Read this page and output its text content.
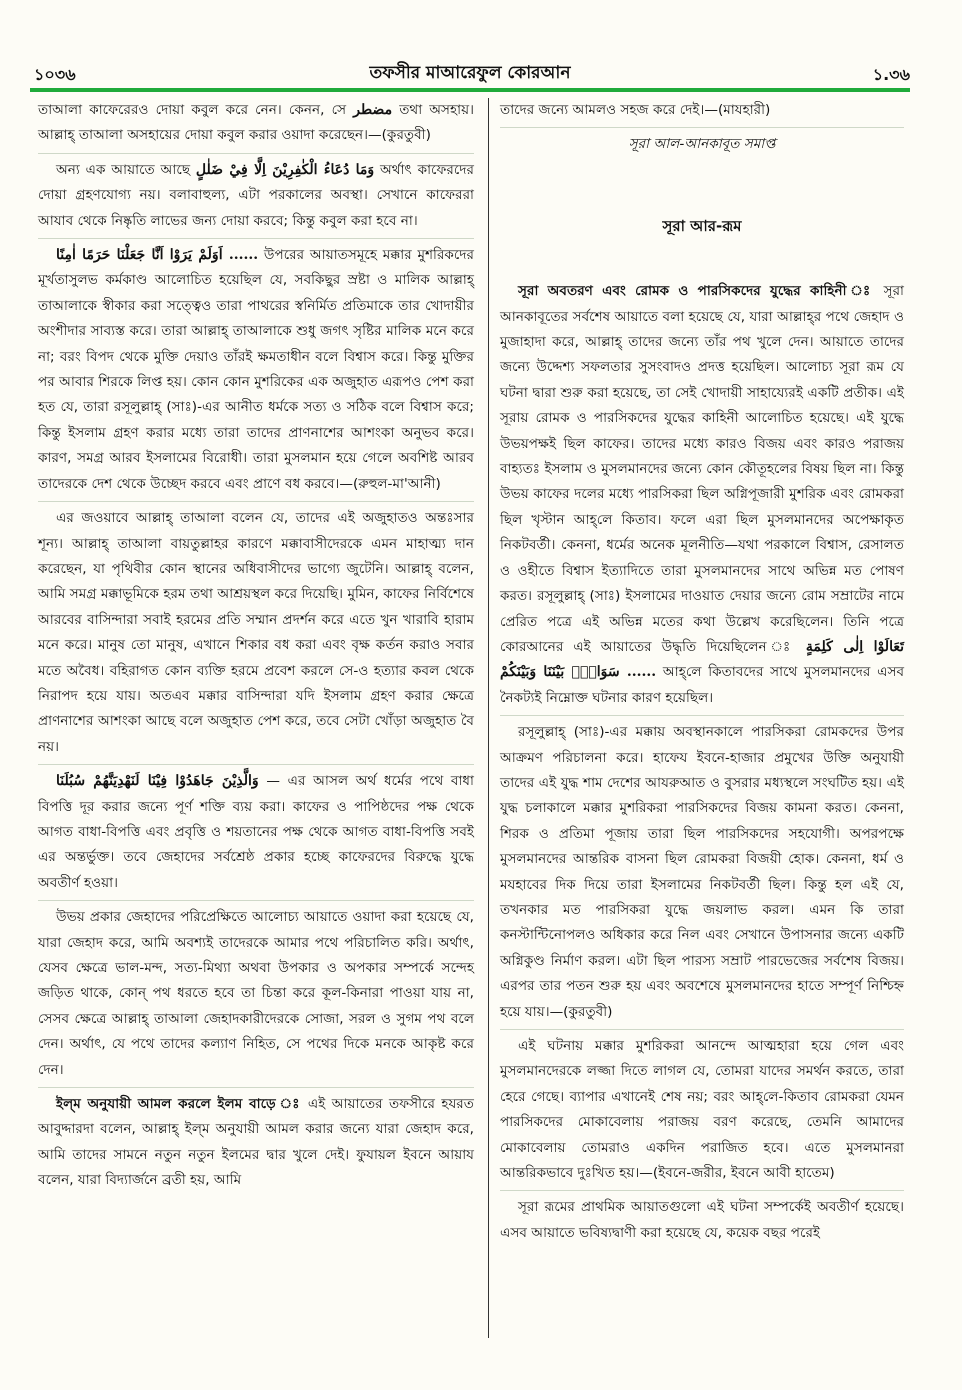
১০৩৬	তফসীর মাআরেফুল কোরআন	১.৩৬

তাআলা কাফেরেরও দোয়া কবুল করে নেন। কেনন, সে مضطر তথা অসহায়। আল্লাহ্ তাআলা অসহায়ের দোয়া কবুল করার ওয়াদা করেছেন।—(কুরতুবী)

অন্য এক আয়াতে আছে وَمَا دُعَاءُ الْكٰفِرِيْنَ اِلَّا فِيْ ضَلٰلٍ অর্থাৎ কাফেরদের দোয়া গ্রহণযোগ্য নয়। বলাবাহুল্য, এটা পরকালের অবস্থা। সেখানে কাফেররা আযাব থেকে নিষ্কৃতি লাভের জন্য দোয়া করবে; কিন্তু কবুল করা হবে না।

اَوَلَمْ يَرَوْا اَنَّا جَعَلْنَا حَرَمًا اٰمِنًا ...... উপরের আয়াতসমূহে মক্কার মুশরিকদের মূর্খতাসুলভ কর্মকাণ্ড আলোচিত হয়েছিল যে, সবকিছুর স্রষ্টা ও মালিক আল্লাহ্ তাআলাকে স্বীকার করা সত্ত্বেও তারা পাথরের স্বনির্মিত প্রতিমাকে তার খোদায়ীর অংশীদার সাব্যস্ত করে। তারা আল্লাহ্ তাআলাকে শুধু জগৎ সৃষ্টির মালিক মনে করে না; বরং বিপদ থেকে মুক্তি দেয়াও তাঁরই ক্ষমতাধীন বলে বিশ্বাস করে। কিন্তু মুক্তির পর আবার শিরকে লিপ্ত হয়। কোন কোন মুশরিকের এক অজুহাত এরূপও পেশ করা হত যে, তারা রসূলুল্লাহ্ (সাঃ)-এর আনীত ধর্মকে সত্য ও সঠিক বলে বিশ্বাস করে; কিন্তু ইসলাম গ্রহণ করার মধ্যে তারা তাদের প্রাণনাশের আশংকা অনুভব করে। কারণ, সমগ্র আরব ইসলামের বিরোধী। তারা মুসলমান হয়ে গেলে অবশিষ্ট আরব তাদেরকে দেশ থেকে উচ্ছেদ করবে এবং প্রাণে বধ করবে।—(রুহুল-মা'আনী)

এর জওয়াবে আল্লাহ্ তাআলা বলেন যে, তাদের এই অজুহাতও অন্তঃসার শূন্য। আল্লাহ্ তাআলা বায়তুল্লাহর কারণে মক্কাবাসীদেরকে এমন মাহাত্ম্য দান করেছেন, যা পৃথিবীর কোন স্থানের অধিবাসীদের ভাগ্যে জুটেনি। আল্লাহ্ বলেন, আমি সমগ্র মক্কাভূমিকে হরম তথা আশ্রয়স্থল করে দিয়েছি। মুমিন, কাফের নির্বিশেষে আরবের বাসিন্দারা সবাই হরমের প্রতি সম্মান প্রদর্শন করে এতে খুন খারাবি হারাম মনে করে। মানুষ তো মানুষ, এখানে শিকার বধ করা এবং বৃক্ষ কর্তন করাও সবার মতে অবৈধ। বহিরাগত কোন ব্যক্তি হরমে প্রবেশ করলে সে-ও হত্যার কবল থেকে নিরাপদ হয়ে যায়। অতএব মক্কার বাসিন্দারা যদি ইসলাম গ্রহণ করার ক্ষেত্রে প্রাণনাশের আশংকা আছে বলে অজুহাত পেশ করে, তবে সেটা খোঁড়া অজুহাত বৈ নয়।

وَالَّذِيْنَ جَاهَدُوْا فِيْنَا لَنَهْدِيَنَّهُمْ سُبُلَنَا — এর আসল অর্থ ধর্মের পথে বাধা বিপত্তি দূর করার জন্যে পূর্ণ শক্তি ব্যয় করা। কাফের ও পাপিষ্ঠদের পক্ষ থেকে আগত বাধা-বিপত্তি এবং প্রবৃত্তি ও শয়তানের পক্ষ থেকে আগত বাধা-বিপত্তি সবই এর অন্তর্ভুক্ত। তবে জেহাদের সর্বশ্রেষ্ঠ প্রকার হচ্ছে কাফেরদের বিরুদ্ধে যুদ্ধে অবতীর্ণ হওয়া।

উভয় প্রকার জেহাদের পরিপ্রেক্ষিতে আলোচ্য আয়াতে ওয়াদা করা হয়েছে যে, যারা জেহাদ করে, আমি অবশ্যই তাদেরকে আমার পথে পরিচালিত করি। অর্থাৎ, যেসব ক্ষেত্রে ভাল-মন্দ, সত্য-মিথ্যা অথবা উপকার ও অপকার সম্পর্কে সন্দেহ জড়িত থাকে, কোন্ পথ ধরতে হবে তা চিন্তা করে কূল-কিনারা পাওয়া যায় না, সেসব ক্ষেত্রে আল্লাহ্ তাআলা জেহাদকারীদেরকে সোজা, সরল ও সুগম পথ বলে দেন। অর্থাৎ, যে পথে তাদের কল্যাণ নিহিত, সে পথের দিকে মনকে আকৃষ্ট করে দেন।

ইল্‌ম অনুযায়ী আমল করলে ইলম বাড়ে ঃ এই আয়াতের তফসীরে হযরত আবুদ্দারদা বলেন, আল্লাহ্ ইল্‌ম অনুযায়ী আমল করার জন্যে যারা জেহাদ করে, আমি তাদের সামনে নতুন নতুন ইলমের দ্বার খুলে দেই। ফুযায়ল ইবনে আয়ায বলেন, যারা বিদ্যার্জনে ব্রতী হয়, আমি

তাদের জন্যে আমলও সহজ করে দেই।—(মাযহারী)

সূরা আল-আনকাবূত সমাপ্ত

সূরা আর-রূম

সূরা অবতরণ এবং রোমক ও পারসিকদের যুদ্ধের কাহিনী ঃ সূরা আনকাবূতের সর্বশেষ আয়াতে বলা হয়েছে যে, যারা আল্লাহ্‌র পথে জেহাদ ও মুজাহাদা করে, আল্লাহ্ তাদের জন্যে তাঁর পথ খুলে দেন। আয়াতে তাদের জন্যে উদ্দেশ্য সফলতার সুসংবাদও প্রদত্ত হয়েছিল। আলোচ্য সূরা রূম যে ঘটনা দ্বারা শুরু করা হয়েছে, তা সেই খোদায়ী সাহায্যেরই একটি প্রতীক। এই সূরায় রোমক ও পারসিকদের যুদ্ধের কাহিনী আলোচিত হয়েছে। এই যুদ্ধে উভয়পক্ষই ছিল কাফের। তাদের মধ্যে কারও বিজয় এবং কারও পরাজয় বাহ্যতঃ ইসলাম ও মুসলমানদের জন্যে কোন কৌতূহলের বিষয় ছিল না। কিন্তু উভয় কাফের দলের মধ্যে পারসিকরা ছিল অগ্নিপূজারী মুশরিক এবং রোমকরা ছিল খৃস্টান আহ্‌লে কিতাব। ফলে এরা ছিল মুসলমানদের অপেক্ষাকৃত নিকটবর্তী। কেননা, ধর্মের অনেক মূলনীতি—যথা পরকালে বিশ্বাস, রেসালত ও ওহীতে বিশ্বাস ইত্যাদিতে তারা মুসলমানদের সাথে অভিন্ন মত পোষণ করত। রসূলুল্লাহ্ (সাঃ) ইসলামের দাওয়াত দেয়ার জন্যে রোম সম্রাটের নামে প্রেরিত পত্রে এই অভিন্ন মতের কথা উল্লেখ করেছিলেন। তিনি পত্রে কোরআনের এই আয়াতের উদ্ধৃতি দিয়েছিলেন ঃ تَعَالَوْا اِلٰى كَلِمَةٍ سَوَاءٍۢ بَيْنَنَا وَبَيْنَكُمْ ...... আহ্‌লে কিতাবদের সাথে মুসলমানদের এসব নৈকট্যই নিম্নোক্ত ঘটনার কারণ হয়েছিল।

রসূলুল্লাহ্ (সাঃ)-এর মক্কায় অবস্থানকালে পারসিকরা রোমকদের উপর আক্রমণ পরিচালনা করে। হাফেয ইবনে-হাজার প্রমুখের উক্তি অনুযায়ী তাদের এই যুদ্ধ শাম দেশের আযরুআত ও বুসরার মধ্যস্থলে সংঘটিত হয়। এই যুদ্ধ চলাকালে মক্কার মুশরিকরা পারসিকদের বিজয় কামনা করত। কেননা, শিরক ও প্রতিমা পূজায় তারা ছিল পারসিকদের সহযোগী। অপরপক্ষে মুসলমানদের আন্তরিক বাসনা ছিল রোমকরা বিজয়ী হোক। কেননা, ধর্ম ও মযহাবের দিক দিয়ে তারা ইসলামের নিকটবর্তী ছিল। কিন্তু হল এই যে, তখনকার মত পারসিকরা যুদ্ধে জয়লাভ করল। এমন কি তারা কনস্টান্টিনোপলও অধিকার করে নিল এবং সেখানে উপাসনার জন্যে একটি অগ্নিকুণ্ড নির্মাণ করল। এটা ছিল পারস্য সম্রাট পারভেজের সর্বশেষ বিজয়। এরপর তার পতন শুরু হয় এবং অবশেষে মুসলমানদের হাতে সম্পূর্ণ নিশ্চিহ্ন হয়ে যায়।—(কুরতুবী)

এই ঘটনায় মক্কার মুশরিকরা আনন্দে আত্মহারা হয়ে গেল এবং মুসলমানদেরকে লজ্জা দিতে লাগল যে, তোমরা যাদের সমর্থন করতে, তারা হেরে গেছে। ব্যাপার এখানেই শেষ নয়; বরং আহ্‌লে-কিতাব রোমকরা যেমন পারসিকদের মোকাবেলায় পরাজয় বরণ করেছে, তেমনি আমাদের মোকাবেলায় তোমরাও একদিন পরাজিত হবে। এতে মুসলমানরা আন্তরিকভাবে দুঃখিত হয়।—(ইবনে-জরীর, ইবনে আবী হাতেম)

সূরা রূমের প্রাথমিক আয়াতগুলো এই ঘটনা সম্পর্কেই অবতীর্ণ হয়েছে। এসব আয়াতে ভবিষ্যদ্বাণী করা হয়েছে যে, কয়েক বছর পরেই
